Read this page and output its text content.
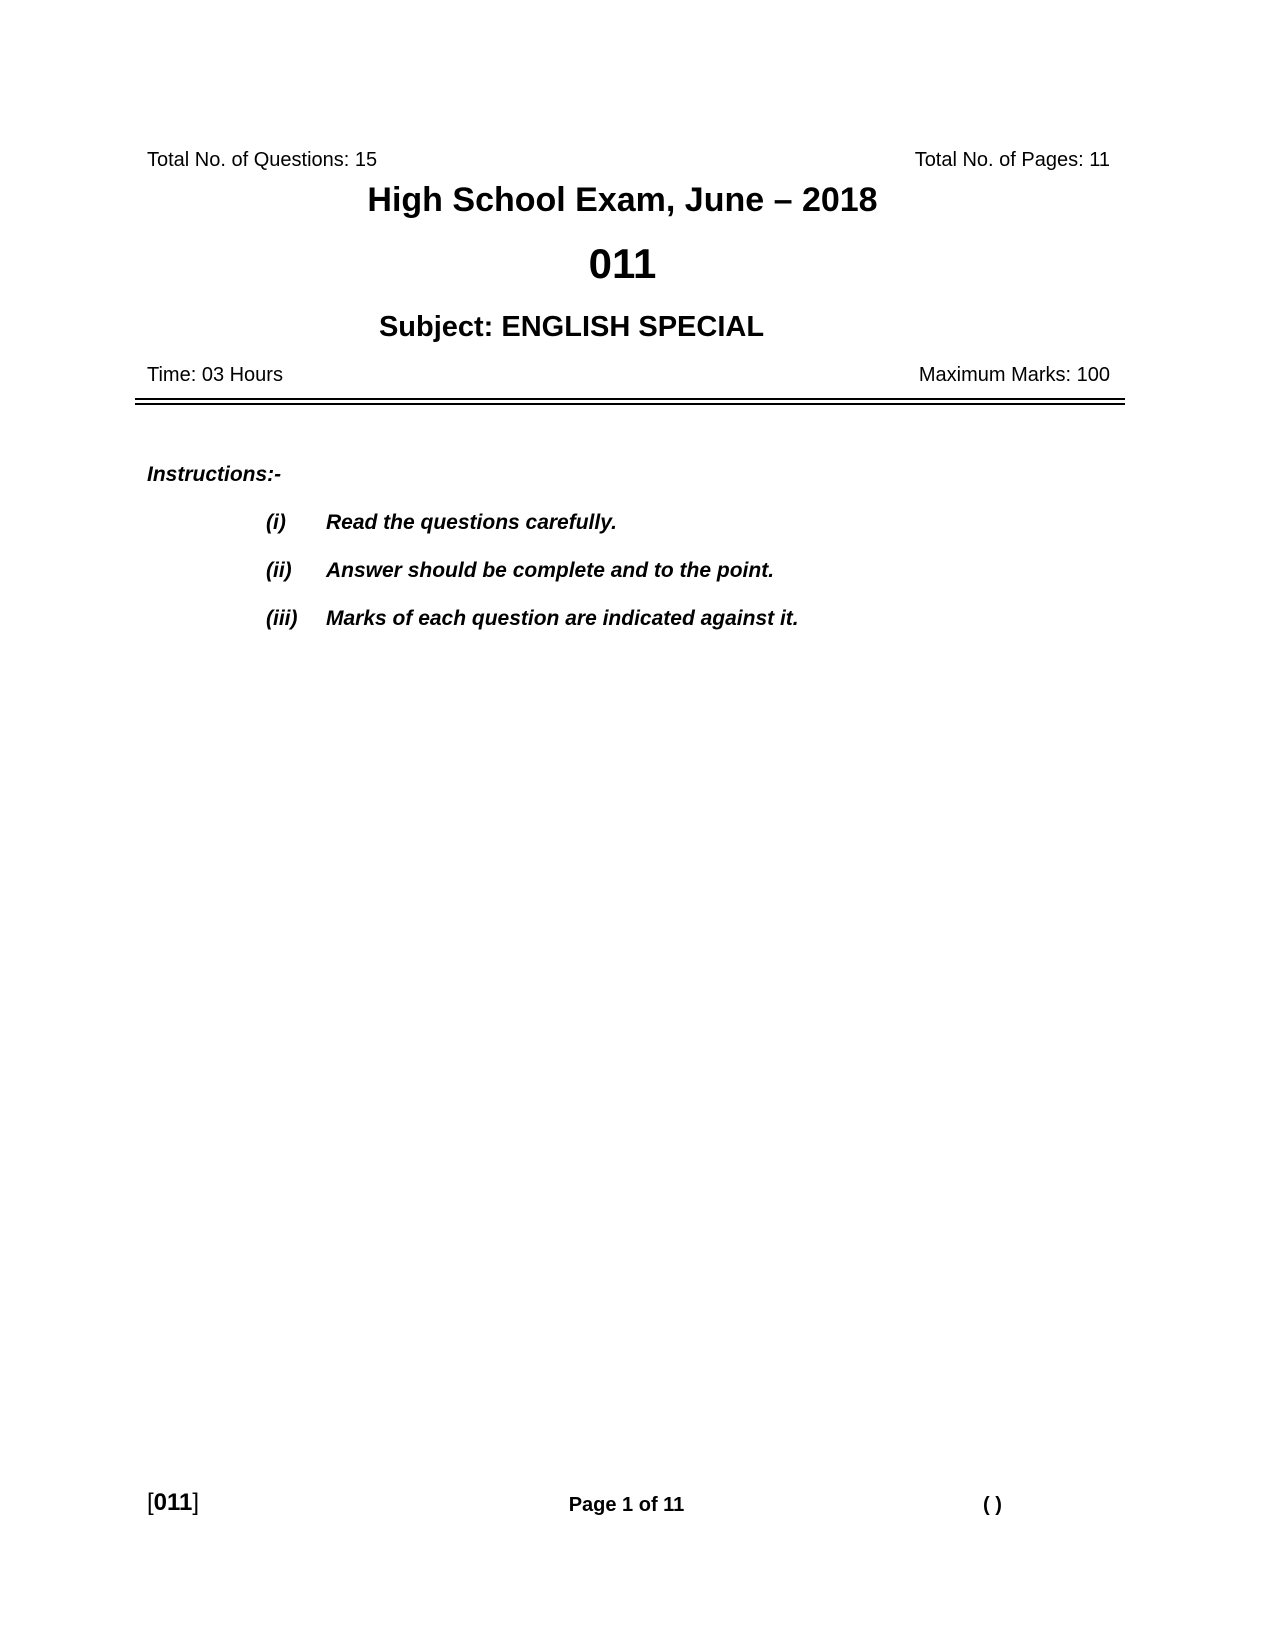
Total No. of Questions: 15	Total No. of Pages: 11
High School Exam, June – 2018
011
Subject: ENGLISH SPECIAL
Time: 03 Hours	Maximum Marks: 100
Instructions:-
(i) Read the questions carefully.
(ii) Answer should be complete and to the point.
(iii) Marks of each question are indicated against it.
[011]	Page 1 of 11	( )
